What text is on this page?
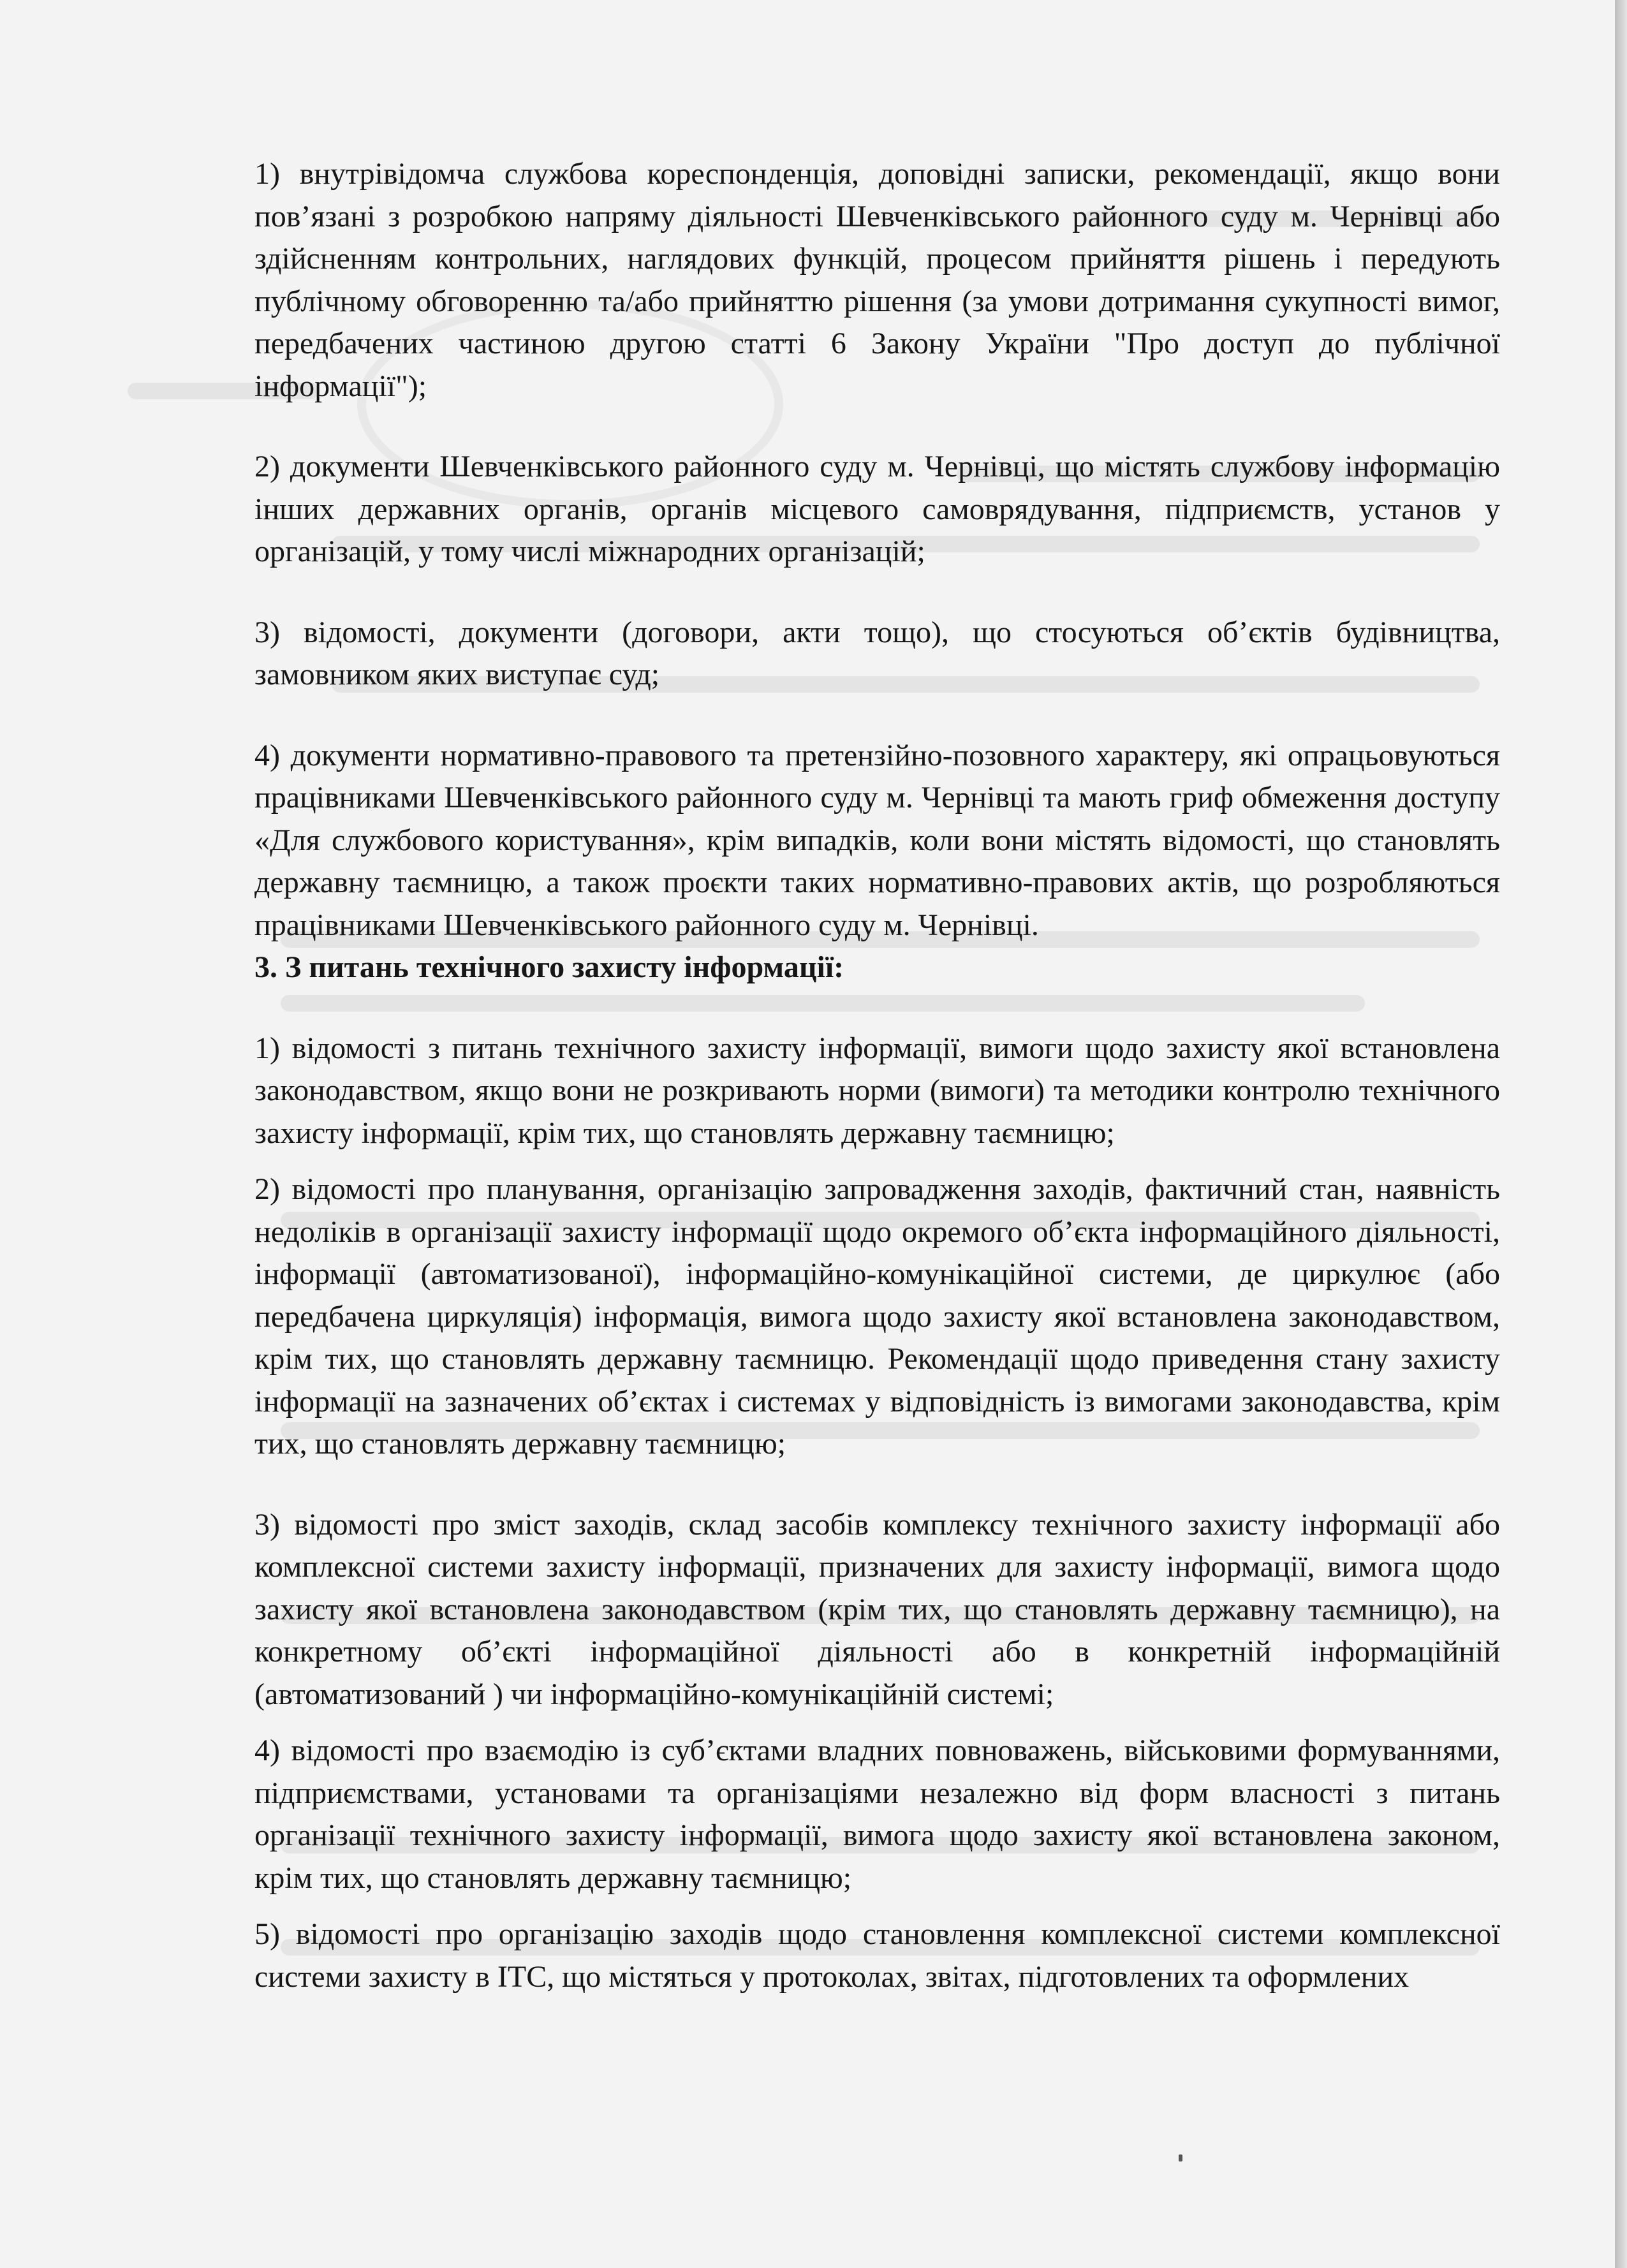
1) внутрівідомча службова кореспонденція, доповідні записки, рекомендації, якщо вони пов’язані з розробкою напряму діяльності Шевченківського районного суду м. Чернівці або здійсненням контрольних, наглядових функцій, процесом прийняття рішень і передують публічному обговоренню та/або прийняттю рішення (за умови дотримання сукупності вимог, передбачених частиною другою статті 6 Закону України "Про доступ до публічної інформації");

2) документи Шевченківського районного суду м. Чернівці, що містять службову інформацію інших державних органів, органів місцевого самоврядування, підприємств, установ у організацій, у тому числі міжнародних організацій;

3) відомості, документи (договори, акти тощо), що стосуються об’єктів будівництва, замовником яких виступає суд;

4) документи нормативно-правового та претензійно-позовного характеру, які опрацьовуються працівниками Шевченківського районного суду м. Чернівці та мають гриф обмеження доступу «Для службового користування», крім випадків, коли вони містять відомості, що становлять державну таємницю, а також проєкти таких нормативно-правових актів, що розробляються працівниками Шевченківського районного суду м. Чернівці.

3. З питань технічного захисту інформації:

1) відомості з питань технічного захисту інформації, вимоги щодо захисту якої встановлена законодавством, якщо вони не розкривають норми (вимоги) та методики контролю технічного захисту інформації, крім тих, що становлять державну таємницю;

2) відомості про планування, організацію запровадження заходів, фактичний стан, наявність недоліків в організації захисту інформації щодо окремого об’єкта інформаційного діяльності, інформації (автоматизованої), інформаційно-комунікаційної системи, де циркулює (або передбачена циркуляція) інформація, вимога щодо захисту якої встановлена законодавством, крім тих, що становлять державну таємницю. Рекомендації щодо приведення стану захисту інформації на зазначених об’єктах і системах у відповідність із вимогами законодавства, крім тих, що становлять державну таємницю;

3) відомості про зміст заходів, склад засобів комплексу технічного захисту інформації або комплексної системи захисту інформації, призначених для захисту інформації, вимога щодо захисту якої встановлена законодавством (крім тих, що становлять державну таємницю), на конкретному об’єкті інформаційної діяльності або в конкретній інформаційній (автоматизований ) чи інформаційно-комунікаційній системі;

4) відомості про взаємодію із суб’єктами владних повноважень, військовими формуваннями, підприємствами, установами та організаціями незалежно від форм власності з питань організації технічного захисту інформації, вимога щодо захисту якої встановлена законом, крім тих, що становлять державну таємницю;

5) відомості про організацію заходів щодо становлення комплексної системи комплексної системи захисту в ІТС, що містяться у протоколах, звітах, підготовлених та оформлених
